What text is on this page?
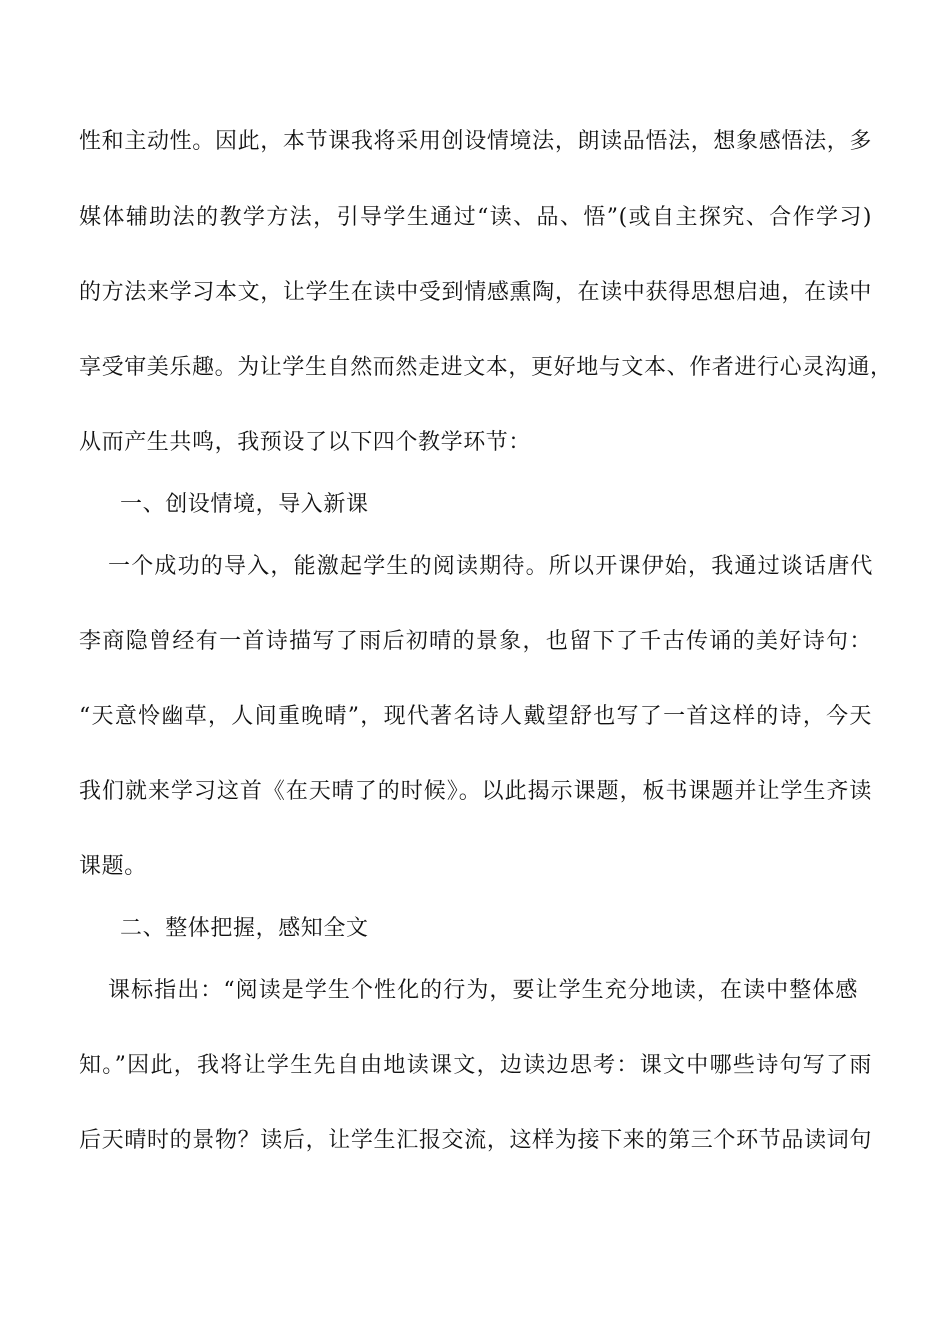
性和主动性。因此，本节课我将采用创设情境法，朗读品悟法，想象感悟法，多
媒体辅助法的教学方法，引导学生通过“读、品、悟”(或自主探究、合作学习)
的方法来学习本文，让学生在读中受到情感熏陶，在读中获得思想启迪，在读中
享受审美乐趣。为让学生自然而然走进文本，更好地与文本、作者进行心灵沟通，
从而产生共鸣，我预设了以下四个教学环节：
一、创设情境，导入新课
一个成功的导入，能激起学生的阅读期待。所以开课伊始，我通过谈话唐代
李商隐曾经有一首诗描写了雨后初晴的景象，也留下了千古传诵的美好诗句：
“天意怜幽草，人间重晚晴”，现代著名诗人戴望舒也写了一首这样的诗，今天
我们就来学习这首《在天晴了的时候》。以此揭示课题，板书课题并让学生齐读
课题。
二、整体把握，感知全文
课标指出：“阅读是学生个性化的行为，要让学生充分地读，在读中整体感
知。”因此，我将让学生先自由地读课文，边读边思考：课文中哪些诗句写了雨
后天晴时的景物？读后，让学生汇报交流，这样为接下来的第三个环节品读词句
